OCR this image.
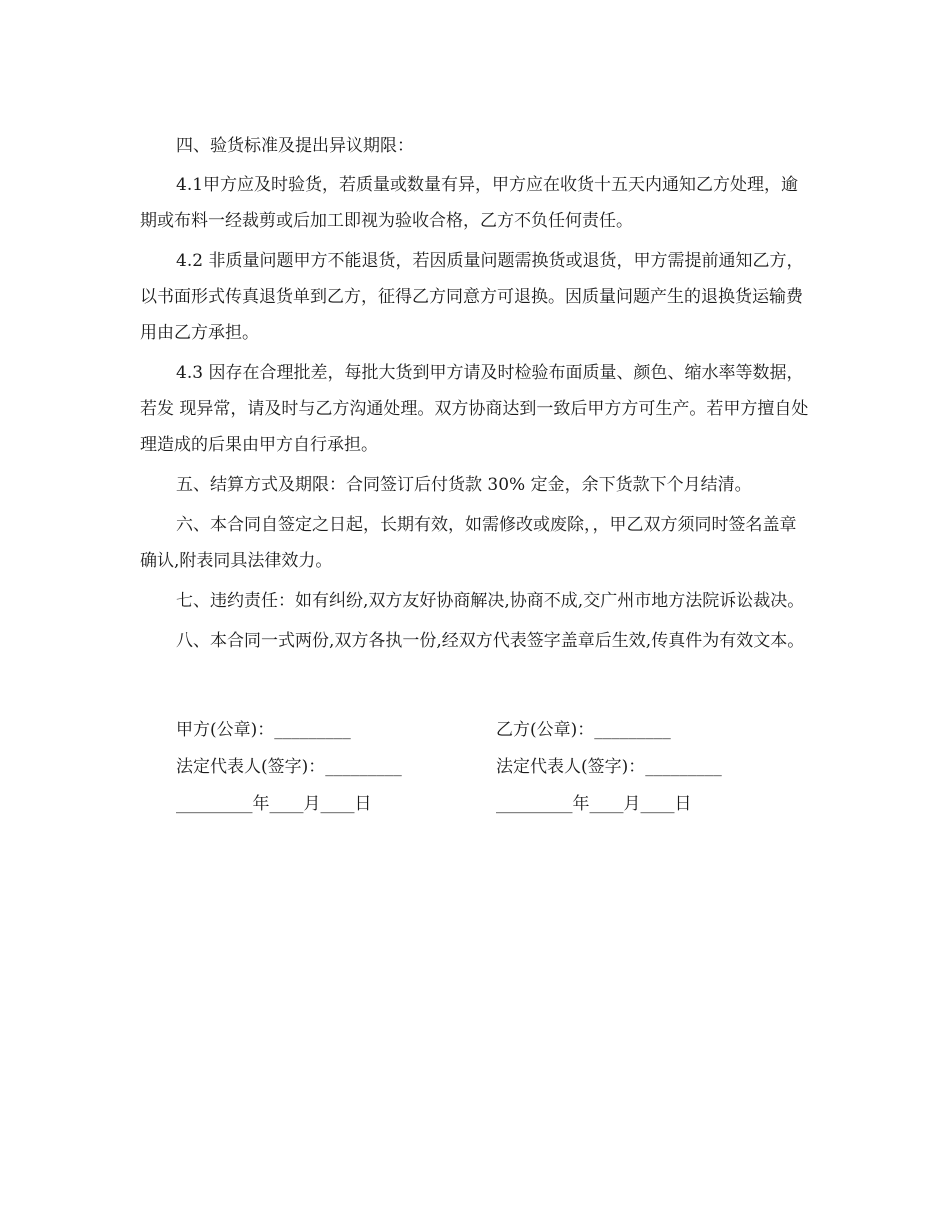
四、验货标准及提出异议期限：

4.1甲方应及时验货，若质量或数量有异，甲方应在收货十五天内通知乙方处理，逾期或布料一经裁剪或后加工即视为验收合格，乙方不负任何责任。

4.2 非质量问题甲方不能退货，若因质量问题需换货或退货，甲方需提前通知乙方，以书面形式传真退货单到乙方，征得乙方同意方可退换。因质量问题产生的退换货运输费用由乙方承担。

4.3 因存在合理批差，每批大货到甲方请及时检验布面质量、颜色、缩水率等数据，若发 现异常，请及时与乙方沟通处理。双方协商达到一致后甲方方可生产。若甲方擅自处理造成的后果由甲方自行承担。

五、结算方式及期限：合同签订后付货款 30% 定金，余下货款下个月结清。

六、本合同自签定之日起，长期有效，如需修改或废除，，甲乙双方须同时签名盖章确认,附表同具法律效力。

七、违约责任：如有纠纷,双方友好协商解决,协商不成,交广州市地方法院诉讼裁决。

八、本合同一式两份,双方各执一份,经双方代表签字盖章后生效,传真件为有效文本。

甲方(公章)：_________	乙方(公章)：_________
法定代表人(签字)：_________	法定代表人(签字)：_________
_________年____月____日	_________年____月____日
